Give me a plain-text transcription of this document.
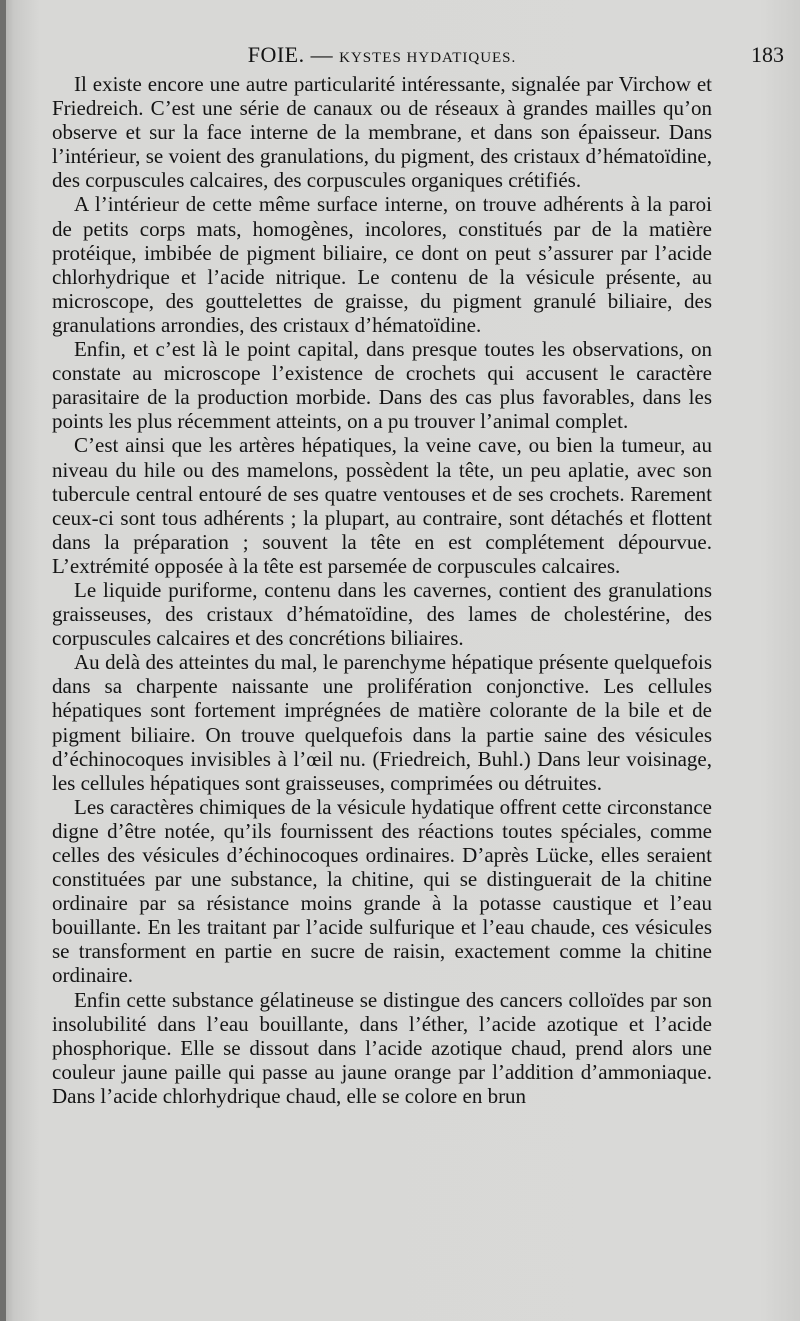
FOIE. — KYSTES HYDATIQUES.	183

Il existe encore une autre particularité intéressante, signalée par Virchow et Friedreich. C’est une série de canaux ou de réseaux à grandes mailles qu’on observe et sur la face interne de la membrane, et dans son épaisseur. Dans l’intérieur, se voient des granulations, du pigment, des cristaux d’hématoïdine, des corpuscules calcaires, des corpuscules organiques crétifiés.

A l’intérieur de cette même surface interne, on trouve adhérents à la paroi de petits corps mats, homogènes, incolores, constitués par de la matière protéique, imbibée de pigment biliaire, ce dont on peut s’assurer par l’acide chlorhydrique et l’acide nitrique. Le contenu de la vésicule présente, au microscope, des gouttelettes de graisse, du pigment granulé biliaire, des granulations arrondies, des cristaux d’hématoïdine.

Enfin, et c’est là le point capital, dans presque toutes les observations, on constate au microscope l’existence de crochets qui accusent le caractère parasitaire de la production morbide. Dans des cas plus favorables, dans les points les plus récemment atteints, on a pu trouver l’animal complet.

C’est ainsi que les artères hépatiques, la veine cave, ou bien la tumeur, au niveau du hile ou des mamelons, possèdent la tête, un peu aplatie, avec son tubercule central entouré de ses quatre ventouses et de ses crochets. Rarement ceux-ci sont tous adhérents ; la plupart, au contraire, sont détachés et flottent dans la préparation ; souvent la tête en est complétement dépourvue. L’extrémité opposée à la tête est parsemée de corpuscules calcaires.

Le liquide puriforme, contenu dans les cavernes, contient des granulations graisseuses, des cristaux d’hématoïdine, des lames de cholestérine, des corpuscules calcaires et des concrétions biliaires.

Au delà des atteintes du mal, le parenchyme hépatique présente quelquefois dans sa charpente naissante une prolifération conjonctive. Les cellules hépatiques sont fortement imprégnées de matière colorante de la bile et de pigment biliaire. On trouve quelquefois dans la partie saine des vésicules d’échinocoques invisibles à l’œil nu. (Friedreich, Buhl.) Dans leur voisinage, les cellules hépatiques sont graisseuses, comprimées ou détruites.

Les caractères chimiques de la vésicule hydatique offrent cette circonstance digne d’être notée, qu’ils fournissent des réactions toutes spéciales, comme celles des vésicules d’échinocoques ordinaires. D’après Lücke, elles seraient constituées par une substance, la chitine, qui se distinguerait de la chitine ordinaire par sa résistance moins grande à la potasse caustique et l’eau bouillante. En les traitant par l’acide sulfurique et l’eau chaude, ces vésicules se transforment en partie en sucre de raisin, exactement comme la chitine ordinaire.

Enfin cette substance gélatineuse se distingue des cancers colloïdes par son insolubilité dans l’eau bouillante, dans l’éther, l’acide azotique et l’acide phosphorique. Elle se dissout dans l’acide azotique chaud, prend alors une couleur jaune paille qui passe au jaune orange par l’addition d’ammoniaque. Dans l’acide chlorhydrique chaud, elle se colore en brun
